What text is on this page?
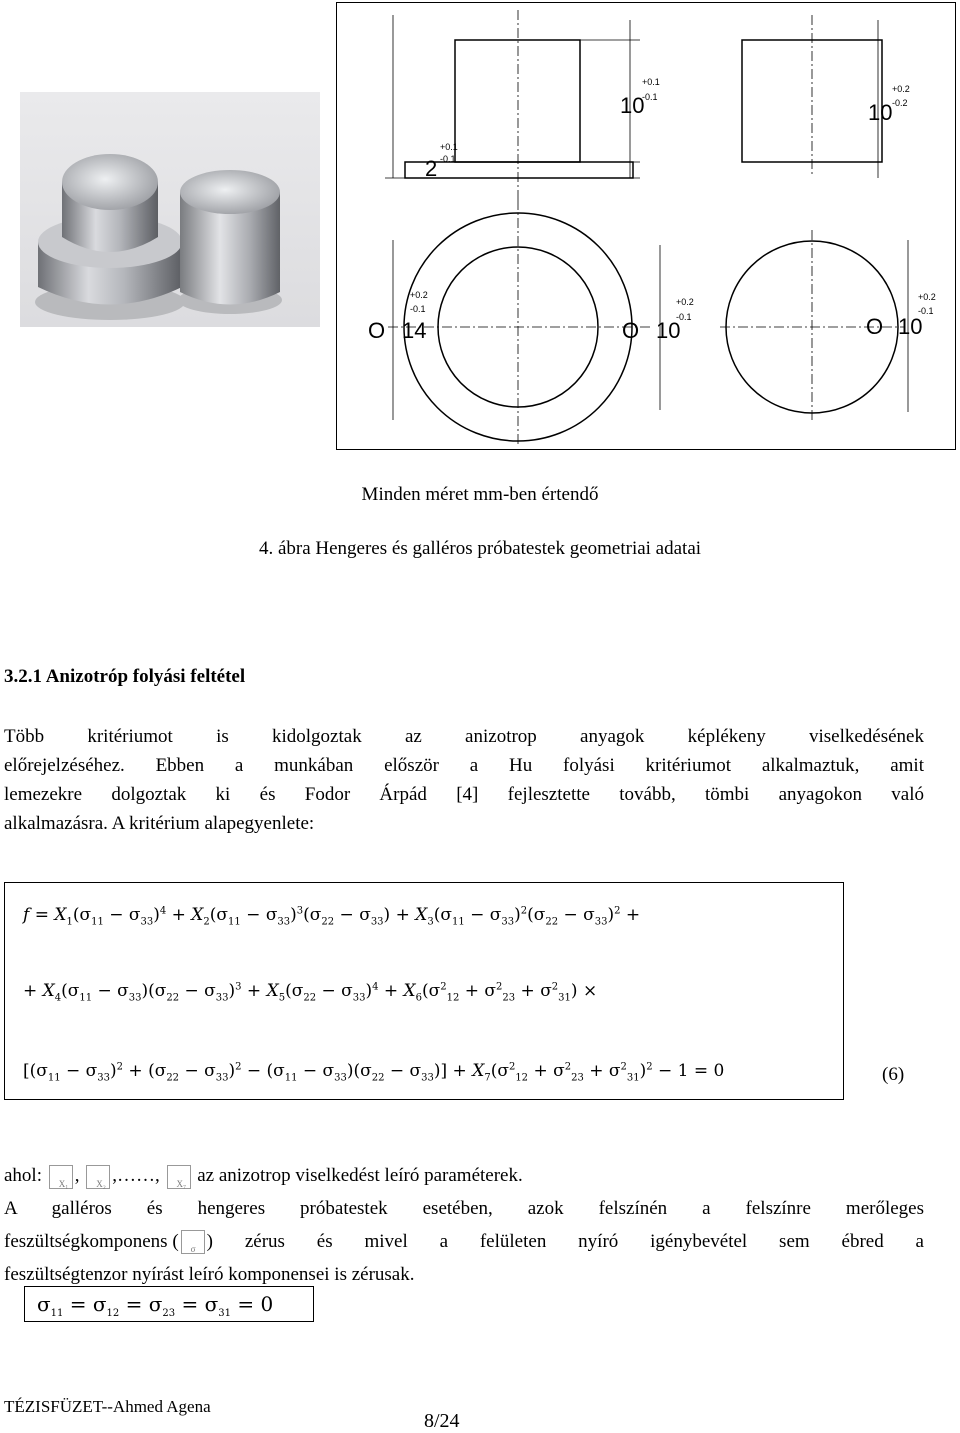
2
+0.1
-0.1
10
+0.1
-0.1
10
+0.2
-0.2
O 14
+0.2
-0.1
O 10
+0.2
-0.1	O 10
+0.2
-0.1
Minden méret mm-ben értendő
4. ábra Hengeres és galléros próbatestek geometriai adatai
3.2.1 Anizotróp folyási feltétel
Több kritériumot is kidolgoztak az anizotrop anyagok képlékeny viselkedésének
előrejelzéséhez. Ebben a munkában először a Hu folyási kritériumot alkalmaztuk, amit
lemezekre dolgoztak ki és Fodor Árpád [4] fejlesztette tovább, tömbi anyagokon való
alkalmazásra. A kritérium alapegyenlete:
$f = X_1(\sigma_{11} - \sigma_{33})^4 + X_2(\sigma_{11} - \sigma_{33})^3(\sigma_{22} - \sigma_{33}) + X_3(\sigma_{11} - \sigma_{33})^2(\sigma_{22} - \sigma_{33})^2$ +
+ $X_4(\sigma_{11} - \sigma_{33})(\sigma_{22} - \sigma_{33})^3 + X_5(\sigma_{22} - \sigma_{33})^4 + X_6(\sigma^2_{12} + \sigma^2_{23} + \sigma^2_{31})$ ×
$[(\sigma_{11} - \sigma_{33})^2 + (\sigma_{22} - \sigma_{33})^2 - (\sigma_{11} - \sigma_{33})(\sigma_{22} - \sigma_{33})] + X_7(\sigma^2_{12} + \sigma^2_{23} + \sigma^2_{31})^2 - 1 = 0$	(6)
ahol: X₁ , X₂ ,……, X₇ az anizotrop viselkedést leíró paraméterek.
A galléros és hengeres próbatestek esetében, azok felszínén a felszínre merőleges
feszültségkomponens ( σ ) zérus és mivel a felületen nyíró igénybevétel sem ébred a
feszültségtenzor nyírást leíró komponensei is zérusak.
$\sigma_{11} = \sigma_{12} = \sigma_{23} = \sigma_{31} = 0$
TÉZISFÜZET--Ahmed Agena
8/24
